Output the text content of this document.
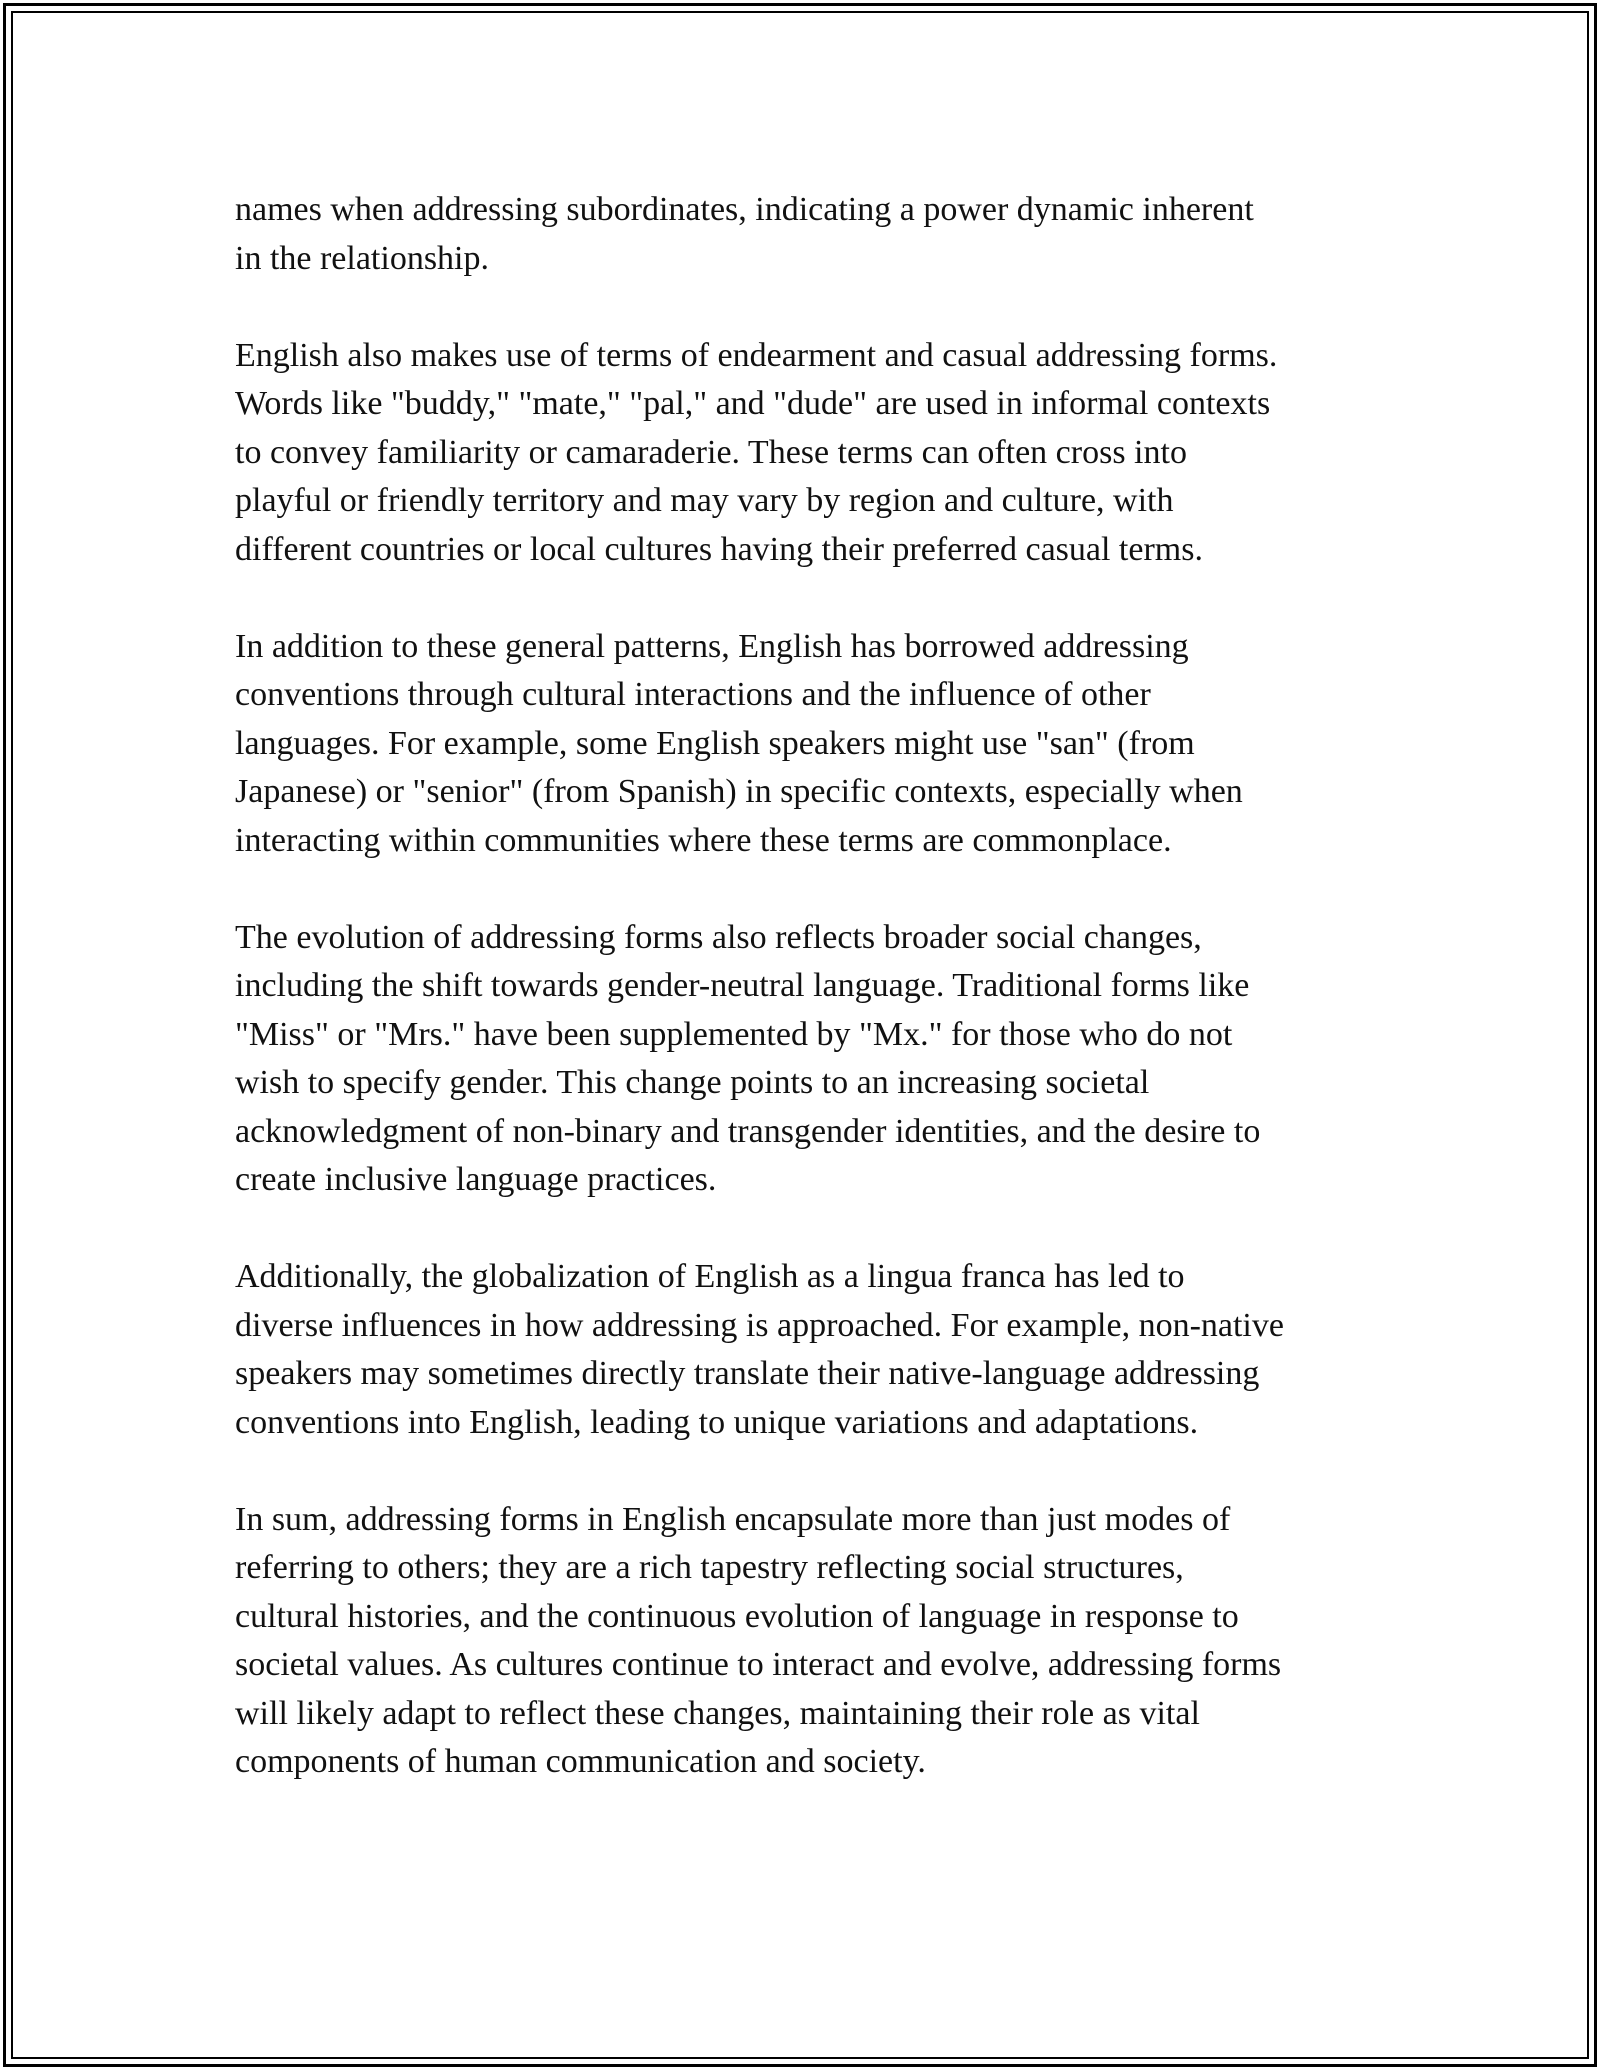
names when addressing subordinates, indicating a power dynamic inherent
in the relationship.

English also makes use of terms of endearment and casual addressing forms.
Words like "buddy," "mate," "pal," and "dude" are used in informal contexts
to convey familiarity or camaraderie. These terms can often cross into
playful or friendly territory and may vary by region and culture, with
different countries or local cultures having their preferred casual terms.

In addition to these general patterns, English has borrowed addressing
conventions through cultural interactions and the influence of other
languages. For example, some English speakers might use "san" (from
Japanese) or "senior" (from Spanish) in specific contexts, especially when
interacting within communities where these terms are commonplace.

The evolution of addressing forms also reflects broader social changes,
including the shift towards gender-neutral language. Traditional forms like
"Miss" or "Mrs." have been supplemented by "Mx." for those who do not
wish to specify gender. This change points to an increasing societal
acknowledgment of non-binary and transgender identities, and the desire to
create inclusive language practices.

Additionally, the globalization of English as a lingua franca has led to
diverse influences in how addressing is approached. For example, non-native
speakers may sometimes directly translate their native-language addressing
conventions into English, leading to unique variations and adaptations.

In sum, addressing forms in English encapsulate more than just modes of
referring to others; they are a rich tapestry reflecting social structures,
cultural histories, and the continuous evolution of language in response to
societal values. As cultures continue to interact and evolve, addressing forms
will likely adapt to reflect these changes, maintaining their role as vital
components of human communication and society.
